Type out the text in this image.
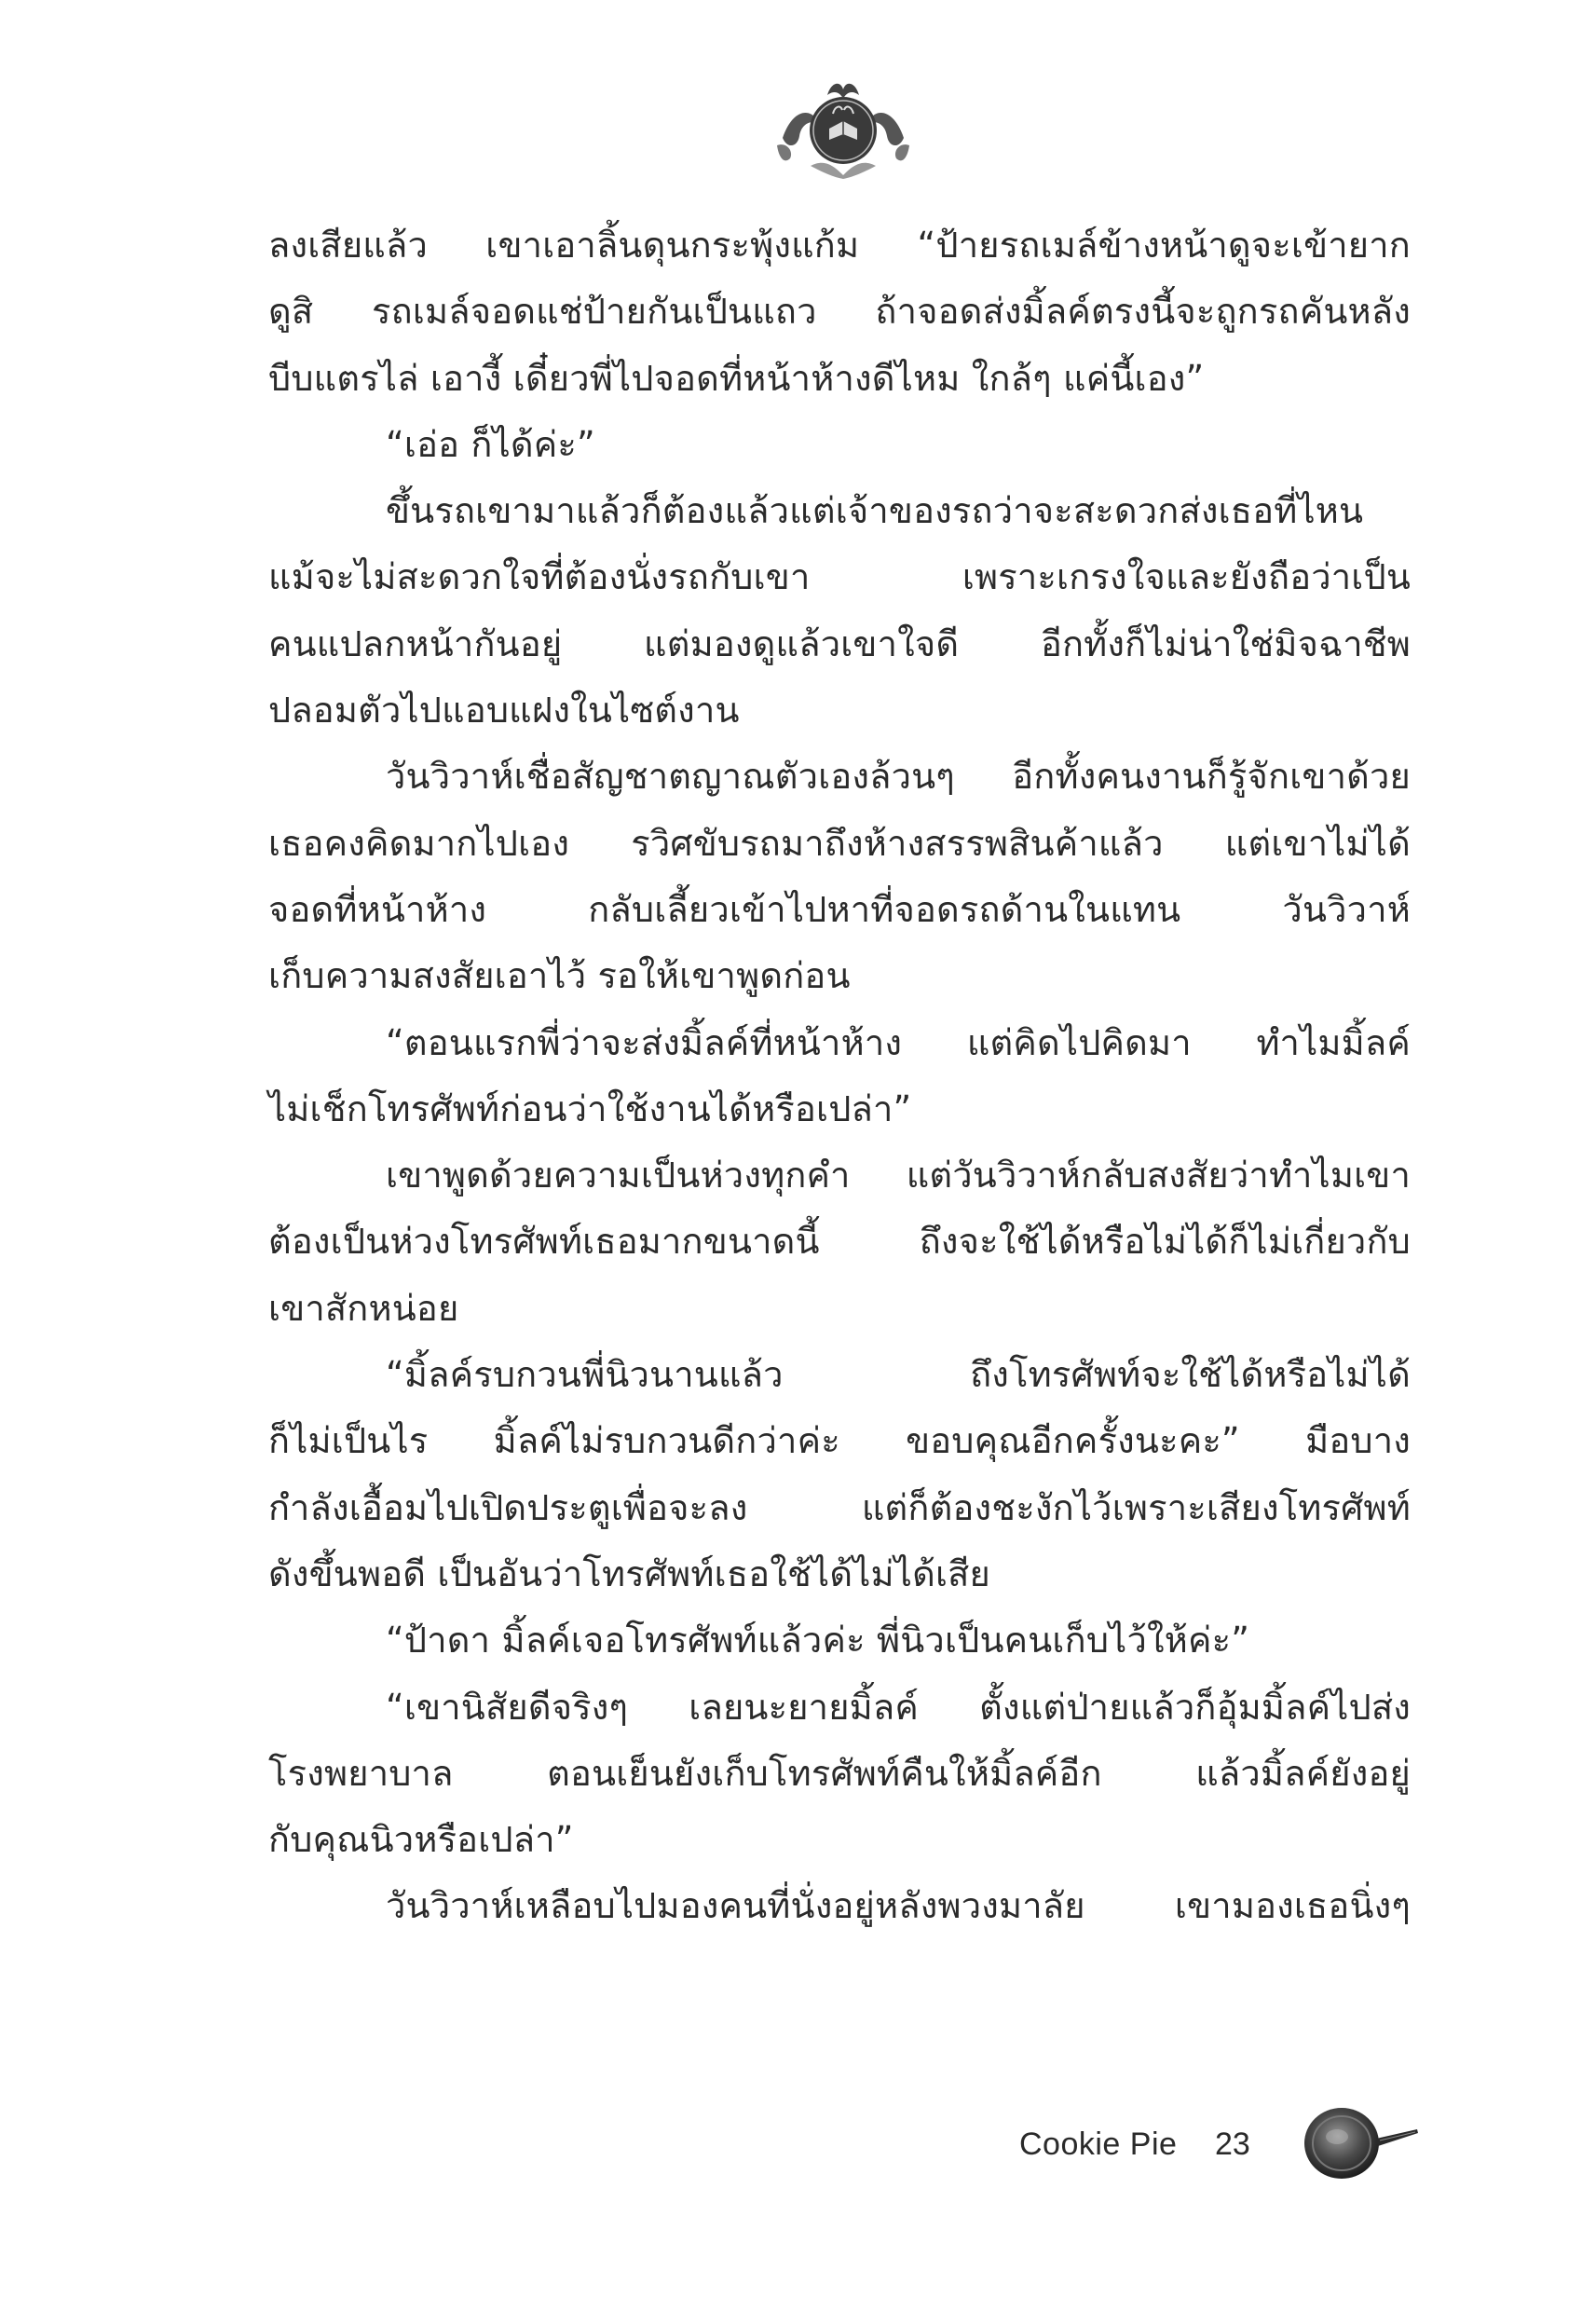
ลงเสียแล้ว เขาเอาลิ้นดุนกระพุ้งแก้ม “ป้ายรถเมล์ข้างหน้าดูจะเข้ายาก
ดูสิ รถเมล์จอดแช่ป้ายกันเป็นแถว ถ้าจอดส่งมิ้ลค์ตรงนี้จะถูกรถคันหลัง
บีบแตรไล่ เอางี้ เดี๋ยวพี่ไปจอดที่หน้าห้างดีไหม ใกล้ๆ แค่นี้เอง”
“เอ่อ ก็ได้ค่ะ”
ขึ้นรถเขามาแล้วก็ต้องแล้วแต่เจ้าของรถว่าจะสะดวกส่งเธอที่ไหน
แม้จะไม่สะดวกใจที่ต้องนั่งรถกับเขา เพราะเกรงใจและยังถือว่าเป็น
คนแปลกหน้ากันอยู่ แต่มองดูแล้วเขาใจดี อีกทั้งก็ไม่น่าใช่มิจฉาชีพ
ปลอมตัวไปแอบแฝงในไซต์งาน
วันวิวาห์เชื่อสัญชาตญาณตัวเองล้วนๆ อีกทั้งคนงานก็รู้จักเขาด้วย
เธอคงคิดมากไปเอง รวิศขับรถมาถึงห้างสรรพสินค้าแล้ว แต่เขาไม่ได้
จอดที่หน้าห้าง กลับเลี้ยวเข้าไปหาที่จอดรถด้านในแทน วันวิวาห์
เก็บความสงสัยเอาไว้ รอให้เขาพูดก่อน
“ตอนแรกพี่ว่าจะส่งมิ้ลค์ที่หน้าห้าง แต่คิดไปคิดมา ทำไมมิ้ลค์
ไม่เช็กโทรศัพท์ก่อนว่าใช้งานได้หรือเปล่า”
เขาพูดด้วยความเป็นห่วงทุกคำ แต่วันวิวาห์กลับสงสัยว่าทำไมเขา
ต้องเป็นห่วงโทรศัพท์เธอมากขนาดนี้ ถึงจะใช้ได้หรือไม่ได้ก็ไม่เกี่ยวกับ
เขาสักหน่อย
“มิ้ลค์รบกวนพี่นิวนานแล้ว ถึงโทรศัพท์จะใช้ได้หรือไม่ได้
ก็ไม่เป็นไร มิ้ลค์ไม่รบกวนดีกว่าค่ะ ขอบคุณอีกครั้งนะคะ” มือบาง
กำลังเอื้อมไปเปิดประตูเพื่อจะลง แต่ก็ต้องชะงักไว้เพราะเสียงโทรศัพท์
ดังขึ้นพอดี เป็นอันว่าโทรศัพท์เธอใช้ได้ไม่ได้เสีย
“ป้าดา มิ้ลค์เจอโทรศัพท์แล้วค่ะ พี่นิวเป็นคนเก็บไว้ให้ค่ะ”
“เขานิสัยดีจริงๆ เลยนะยายมิ้ลค์ ตั้งแต่ป่ายแล้วก็อุ้มมิ้ลค์ไปส่ง
โรงพยาบาล ตอนเย็นยังเก็บโทรศัพท์คืนให้มิ้ลค์อีก แล้วมิ้ลค์ยังอยู่
กับคุณนิวหรือเปล่า”
วันวิวาห์เหลือบไปมองคนที่นั่งอยู่หลังพวงมาลัย เขามองเธอนิ่งๆ
Cookie Pie 23
